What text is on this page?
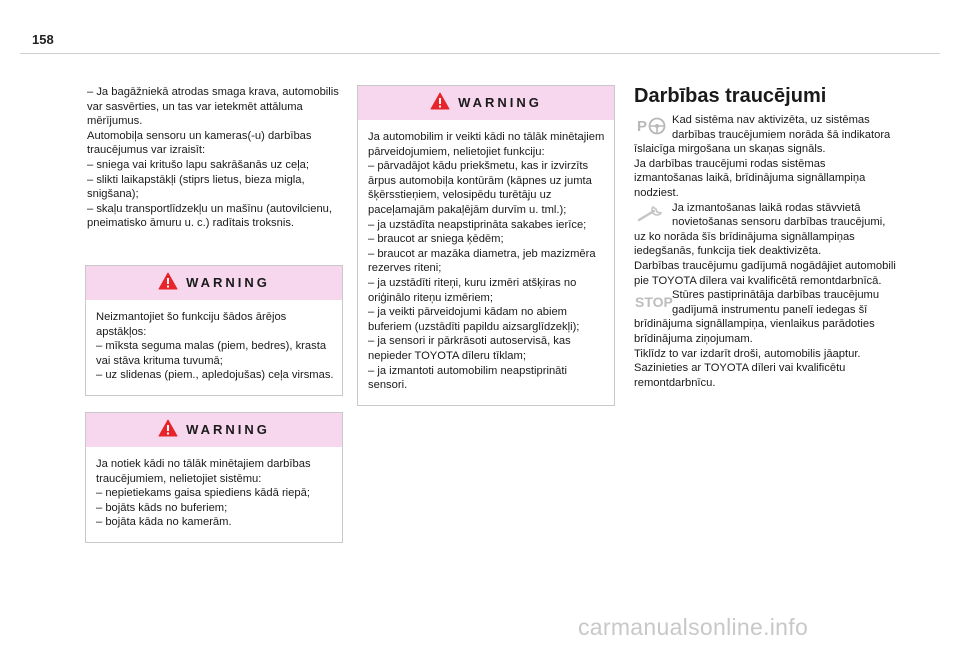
158

– Ja bagāžniekā atrodas smaga krava, automobilis var sasvērties, un tas var ietekmēt attāluma mērījumus.
Automobiļa sensoru un kameras(-u) darbības traucējumus var izraisīt:
– sniega vai kritušo lapu sakrāšanās uz ceļa;
– slikti laikapstākļi (stiprs lietus, bieza migla, snigšana);
– skaļu transportlīdzekļu un mašīnu (autovilcienu, pneimatisko āmuru u. c.) radītais troksnis.

WARNING
Neizmantojiet šo funkciju šādos ārējos apstākļos:
– mīksta seguma malas (piem, bedres), krasta vai stāva krituma tuvumā;
– uz slidenas (piem., apledojušas) ceļa virsmas.
WARNING
Ja notiek kādi no tālāk minētajiem darbības traucējumiem, nelietojiet sistēmu:
– nepietiekams gaisa spiediens kādā riepā;
– bojāts kāds no buferiem;
– bojāta kāda no kamerām.
WARNING
Ja automobilim ir veikti kādi no tālāk minētajiem pārveidojumiem, nelietojiet funkciju:
– pārvadājot kādu priekšmetu, kas ir izvirzīts ārpus automobiļa kontūrām (kāpnes uz jumta šķērsstieņiem, velosipēdu turētāju uz paceļamajām pakaļējām durvīm u. tml.);
– ja uzstādīta neapstiprināta sakabes ierīce;
– braucot ar sniega ķēdēm;
– braucot ar mazāka diametra, jeb mazizmēra rezerves riteni;
– ja uzstādīti riteņi, kuru izmēri atšķiras no oriģinālo riteņu izmēriem;
– ja veikti pārveidojumi kādam no abiem buferiem (uzstādīti papildu aizsarglīdzekļi);
– ja sensori ir pārkrāsoti autoservisā, kas nepieder TOYOTA dīleru tīklam;
– ja izmantoti automobilim neapstiprināti sensori.
Darbības traucējumi
P	Kad sistēma nav aktivizēta, uz sistēmas darbības traucējumiem norāda šā indikatora īslaicīga mirgošana un skaņas signāls.
Ja darbības traucējumi rodas sistēmas izmantošanas laikā, brīdinājuma signāllampiņa nodziest.

Ja izmantošanas laikā rodas stāvvietā novietošanas sensoru darbības traucējumi, uz ko norāda šīs brīdinājuma signāllampiņas iedegšanās, funkcija tiek deaktivizēta.
Darbības traucējumu gadījumā nogādājiet automobili pie TOYOTA dīlera vai kvalificētā remontdarbnīcā.

STOP Stūres pastiprinātāja darbības traucējumu gadījumā instrumentu panelī iedegas šī brīdinājuma signāllampiņa, vienlaikus parādoties brīdinājuma ziņojumam.
Tiklīdz to var izdarīt droši, automobilis jāaptur.
Sazinieties ar TOYOTA dīleri vai kvalificētu remontdarbnīcu.

carmanualsonline.info
